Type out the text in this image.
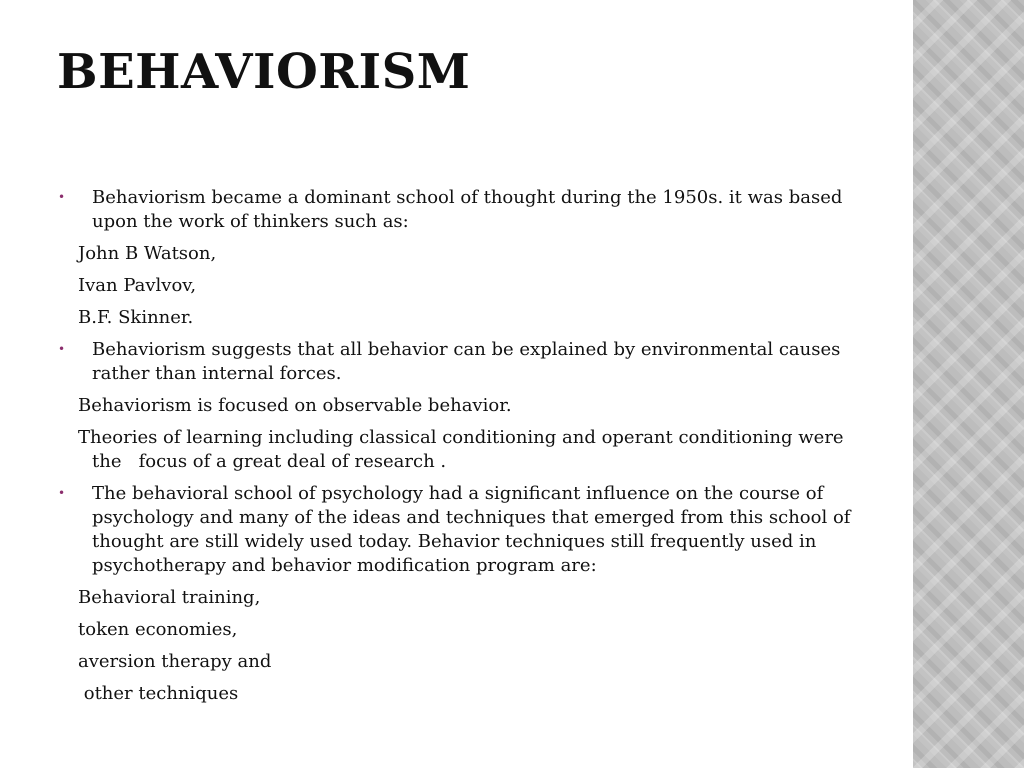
BEHAVIORISM
• Behaviorism became a dominant school of thought during the 1950s. it was based upon the work of thinkers such as:
John B Watson,
Ivan Pavlvov,
B.F. Skinner.
• Behaviorism suggests that all behavior can be explained by environmental causes rather than internal forces.
Behaviorism is focused on observable behavior.
Theories of learning including classical conditioning and operant conditioning were the   focus of a great deal of research .
• The behavioral school of psychology had a significant influence on the course of  psychology and many of the ideas and techniques that emerged from this school of thought are still widely used today. Behavior techniques still frequently used in psychotherapy and behavior modification program are:
Behavioral training,
token economies,
aversion therapy and
other techniques
